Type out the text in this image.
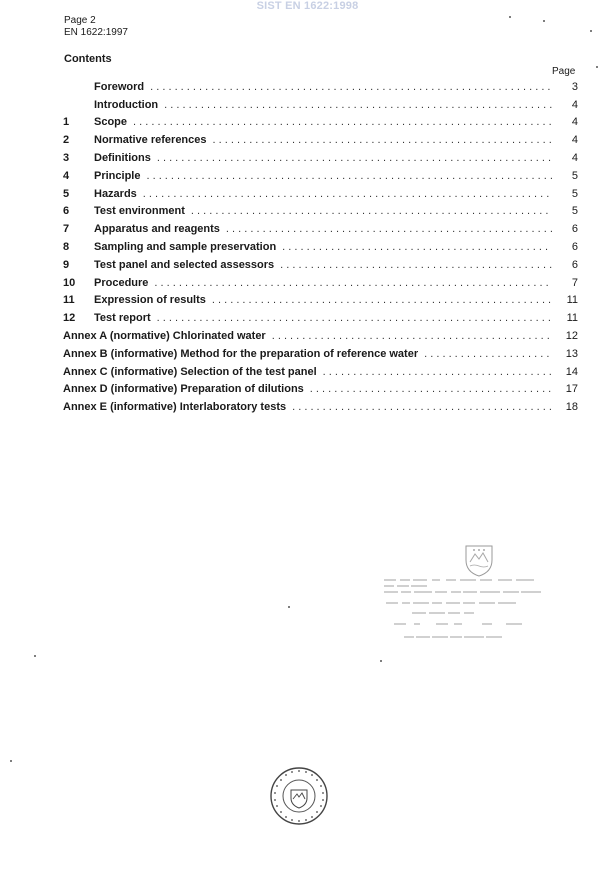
SIST EN 1622:1998
Page 2
EN 1622:1997
Contents
Page
Foreword . . .	3
Introduction . . .	4
1	Scope . . .	4
2	Normative references . . .	4
3	Definitions . . .	4
4	Principle . . .	5
5	Hazards . . .	5
6	Test environment . . .	5
7	Apparatus and reagents . . .	6
8	Sampling and sample preservation . . .	6
9	Test panel and selected assessors . . .	6
10	Procedure . . .	7
11	Expression of results . . .	11
12	Test report . . .	11
Annex A (normative) Chlorinated water . . .	12
Annex B (informative) Method for the preparation of reference water . . .	13
Annex C (informative) Selection of the test panel . . .	14
Annex D (informative) Preparation of dilutions . . .	17
Annex E (informative) Interlaboratory tests . . .	18
